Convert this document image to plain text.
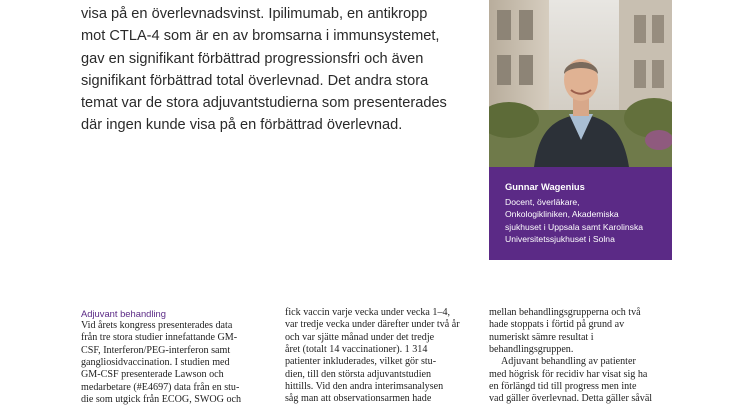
visa på en överlevnadsvinst. Ipilimumab, en antikropp

mot CTLA-4 som är en av bromsarna i immunsystemet,

gav en signifikant förbättrad progressionsfri och även

signifikant förbättrad total överlevnad. Det andra stora

temat var de stora adjuvantstudierna som presenterades

där ingen kunde visa på en förbättrad överlevnad.

Gunnar Wagenius
Docent, överläkare,
Onkologikliniken, Akademiska
sjukhuset i Uppsala samt Karolinska
Universitetssjukhuset i Solna
Adjuvant behandling
Vid årets kongress presenterades data
från tre stora studier innefattande GM-
CSF, Interferon/PEG-interferon samt
gangliosidvaccination. I studien med
GM-CSF presenterade Lawson och
medarbetare (#E4697) data från en stu-
die som utgick från ECOG, SWOG och
fick vaccin varje vecka under vecka 1–4,
var tredje vecka under därefter under två år
och var sjätte månad under det tredje
året (totalt 14 vaccinationer). 1 314
patienter inkluderades, vilket gör stu-
dien, till den största adjuvantstudien
hittills. Vid den andra interimsanalysen
såg man att observationsarmen hade
mellan behandlingsgrupperna och två
hade stoppats i förtid på grund av
numeriskt sämre resultat i
behandlingsgruppen.
Adjuvant behandling av patienter
med högrisk för recidiv har visat sig ha
en förlängd tid till progress men inte
vad gäller överlevnad. Detta gäller såväl
